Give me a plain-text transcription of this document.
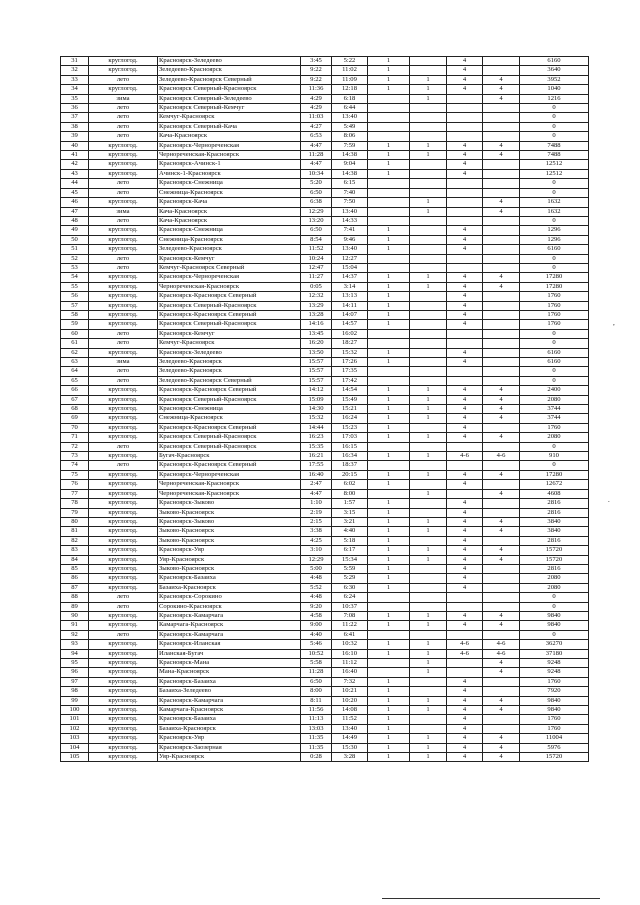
31	круглогод.	Красноярск-Зеледеево	3:45	5:22	1		4		6160
32	круглогод.	Зеледеево-Красноярск	9:22	11:02	1		4		3640
33	лето	Зеледеево-Красноярск Северный	9:22	11:09	1	1	4	4	3952
34	круглогод.	Красноярск Северный-Красноярск	11:36	12:18	1	1	4	4	1040
35	зима	Красноярск Северный-Зеледеево	4:29	6:18		1		4	1216
36	лето	Красноярск Северный-Кемчуг	4:29	6:44					0
37	лето	Кемчуг-Красноярск	11:03	13:40					0
38	лето	Красноярск Северный-Кача	4:27	5:49					0
39	лето	Кача-Красноярск	6:53	8:06					0
40	круглогод.	Красноярск-Чернореченская	4:47	7:59	1	1	4	4	7488
41	круглогод.	Чернореченская-Красноярск	11:28	14:38	1	1	4	4	7488
42	круглогод.	Красноярск-Ачинск-1	4:47	9:04	1		4		12512
43	круглогод.	Ачинск-1-Красноярск	10:34	14:38	1		4		12512
44	лето	Красноярск-Снежница	5:20	6:15					0
45	лето	Снежница-Красноярск	6:50	7:40					0
46	круглогод.	Красноярск-Кача	6:38	7:50		1		4	1632
47	зима	Кача-Красноярск	12:29	13:40		1		4	1632
48	лето	Кача-Красноярск	13:20	14:33					0
49	круглогод.	Красноярск-Снежница	6:50	7:41	1		4		1296
50	круглогод.	Снежница-Красноярск	8:54	9:46	1		4		1296
51	круглогод.	Зеледеево-Красноярск	11:52	13:40	1		4		6160
52	лето	Красноярск-Кемчуг	10:24	12:27					0
53	лето	Кемчуг-Красноярск Северный	12:47	15:04					0
54	круглогод.	Красноярск-Чернореченская	11:27	14:37	1	1	4	4	17280
55	круглогод.	Чернореченская-Красноярск	0:05	3:14	1	1	4	4	17280
56	круглогод.	Красноярск-Красноярск Северный	12:32	13:13	1		4		1760
57	круглогод.	Красноярск Северный-Красноярск	13:29	14:11	1		4		1760
58	круглогод.	Красноярск-Красноярск Северный	13:28	14:07	1		4		1760
59	круглогод.	Красноярск Северный-Красноярск	14:16	14:57	1		4		1760
60	лето	Красноярск-Кемчуг	13:45	16:02					0
61	лето	Кемчуг-Красноярск	16:20	18:27					0
62	круглогод.	Красноярск-Зеледеево	13:50	15:32	1		4		6160
63	зима	Зеледеево-Красноярск	15:57	17:26	1		4		6160
64	лето	Зеледеево-Красноярск	15:57	17:35					0
65	лето	Зеледеево-Красноярск Северный	15:57	17:42					0
66	круглогод.	Красноярск-Красноярск Северный	14:12	14:54	1	1	4	4	2400
67	круглогод.	Красноярск Северный-Красноярск	15:09	15:49	1	1	4	4	2080
68	круглогод.	Красноярск-Снежница	14:30	15:21	1	1	4	4	3744
69	круглогод.	Снежница-Красноярск	15:32	16:24	1	1	4	4	3744
70	круглогод.	Красноярск-Красноярск Северный	14:44	15:23	1		4		1760
71	круглогод.	Красноярск Северный-Красноярск	16:23	17:03	1	1	4	4	2080
72	лето	Красноярск Северный-Красноярск	15:35	16:15					0
73	круглогод.	Бугач-Красноярск	16:21	16:34	1	1	4-6	4-6	910
74	лето	Красноярск-Красноярск Северный	17:55	18:37					0
75	круглогод.	Красноярск-Чернореченская	16:40	20:15	1	1	4	4	17280
76	круглогод.	Чернореченская-Красноярск	2:47	6:02	1		4		12672
77	круглогод.	Чернореченская-Красноярск	4:47	8:00		1		4	4608
78	круглогод.	Красноярск-Зыково	1:10	1:57	1		4		2816
79	круглогод.	Зыково-Красноярск	2:19	3:15	1		4		2816
80	круглогод.	Красноярск-Зыково	2:15	3:21	1	1	4	4	3840
81	круглогод.	Зыково-Красноярск	3:38	4:40	1	1	4	4	3840
82	круглогод.	Зыково-Красноярск	4:25	5:18	1		4		2816
83	круглогод.	Красноярск-Уяр	3:10	6:17	1	1	4	4	15720
84	круглогод.	Уяр-Красноярск	12:29	15:34	1	1	4	4	15720
85	круглогод.	Зыково-Красноярск	5:00	5:59	1		4		2816
86	круглогод.	Красноярск-Базаиха	4:48	5:29	1		4		2080
87	круглогод.	Базаиха-Красноярск	5:52	6:30	1		4		2080
88	лето	Красноярск-Сорокино	4:48	6:24					0
89	лето	Сорокино-Красноярск	9:20	10:37					0
90	круглогод.	Красноярск-Камарчага	4:58	7:08	1	1	4	4	9840
91	круглогод.	Камарчага-Красноярск	9:00	11:22	1	1	4	4	9840
92	лето	Красноярск-Камарчага	4:40	6:41					0
93	круглогод.	Красноярск-Иланская	5:46	10:32	1	1	4-6	4-6	36270
94	круглогод.	Иланская-Бугач	10:52	16:10	1	1	4-6	4-6	37180
95	круглогод.	Красноярск-Мана	5:58	11:12		1		4	9248
96	круглогод.	Мана-Красноярск	11:28	16:40		1		4	9248
97	круглогод.	Красноярск-Базаиха	6:50	7:32	1		4		1760
98	круглогод.	Базаиха-Зеледеево	8:00	10:21	1		4		7920
99	круглогод.	Красноярск-Камарчага	8:11	10:20	1	1	4	4	9840
100	круглогод.	Камарчага-Красноярск	11:56	14:08	1	1	4	4	9840
101	круглогод.	Красноярск-Базаиха	11:13	11:52	1		4		1760
102	круглогод.	Базаиха-Красноярск	13:03	13:40	1		4		1760
103	круглогод.	Красноярск-Уяр	11:35	14:49	1	1	4	4	11004
104	круглогод.	Красноярск-Заозерная	11:35	15:30	1	1	4	4	5976
105	круглогод.	Уяр-Красноярск	0:28	3:28	1	1	4	4	15720
,
.
